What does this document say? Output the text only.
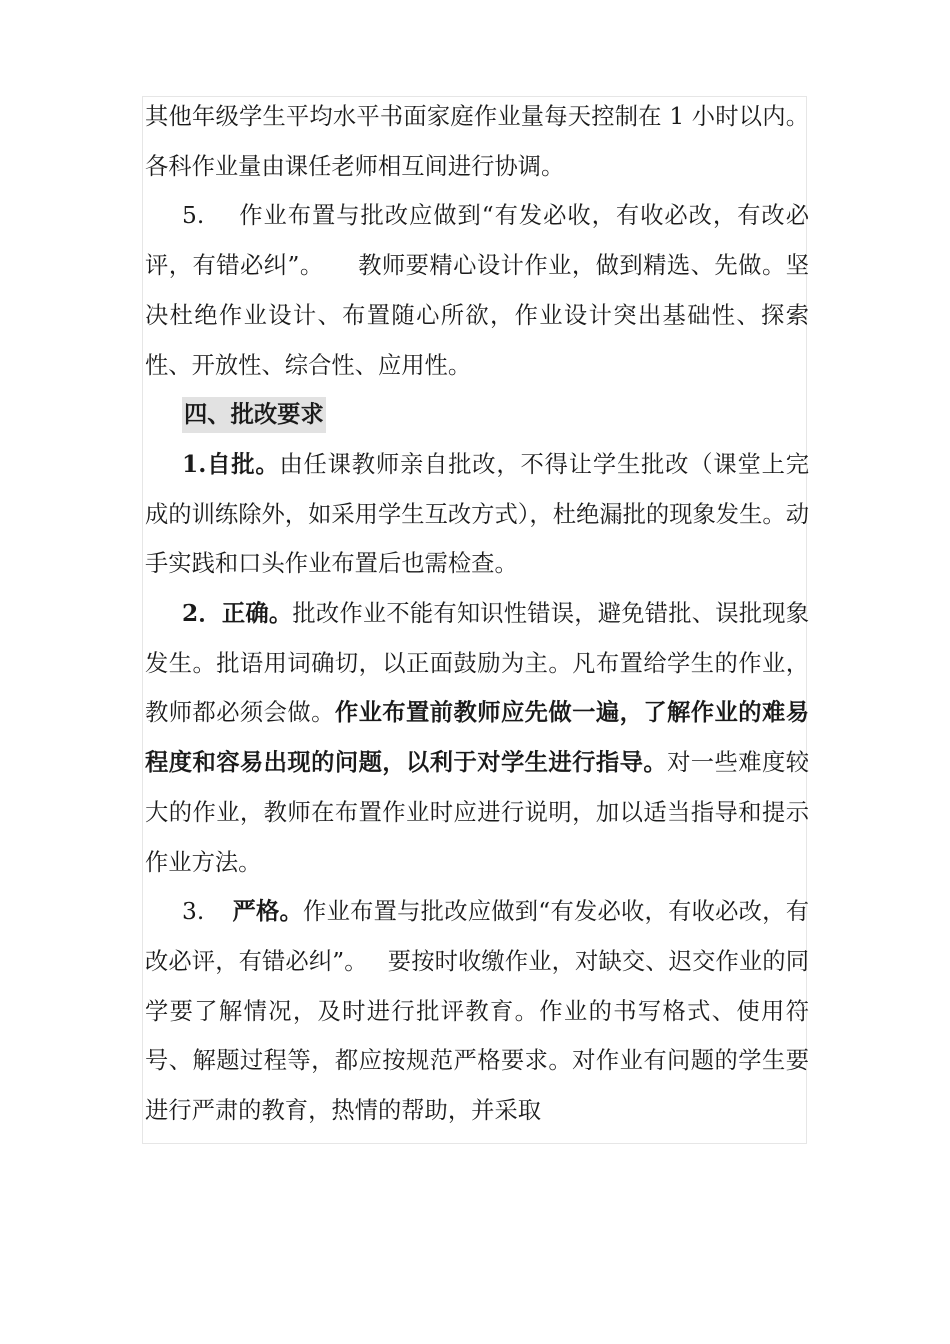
其他年级学生平均水平书面家庭作业量每天控制在 1 小时以内。各科作业量由课任老师相互间进行协调。

5. 作业布置与批改应做到“有发必收，有收必改，有改必评，有错必纠”。 教师要精心设计作业，做到精选、先做。坚决杜绝作业设计、布置随心所欲，作业设计突出基础性、探索性、开放性、综合性、应用性。

四、批改要求

1.自批。由任课教师亲自批改，不得让学生批改（课堂上完成的训练除外，如采用学生互改方式），杜绝漏批的现象发生。动手实践和口头作业布置后也需检查。

2．正确。批改作业不能有知识性错误，避免错批、误批现象发生。批语用词确切，以正面鼓励为主。凡布置给学生的作业，教师都必须会做。作业布置前教师应先做一遍，了解作业的难易程度和容易出现的问题，以利于对学生进行指导。对一些难度较大的作业，教师在布置作业时应进行说明，加以适当指导和提示作业方法。

3. 严格。作业布置与批改应做到“有发必收，有收必改，有改必评，有错必纠”。 要按时收缴作业，对缺交、迟交作业的同学要了解情况，及时进行批评教育。作业的书写格式、使用符号、解题过程等，都应按规范严格要求。对作业有问题的学生要进行严肃的教育，热情的帮助，并采取
